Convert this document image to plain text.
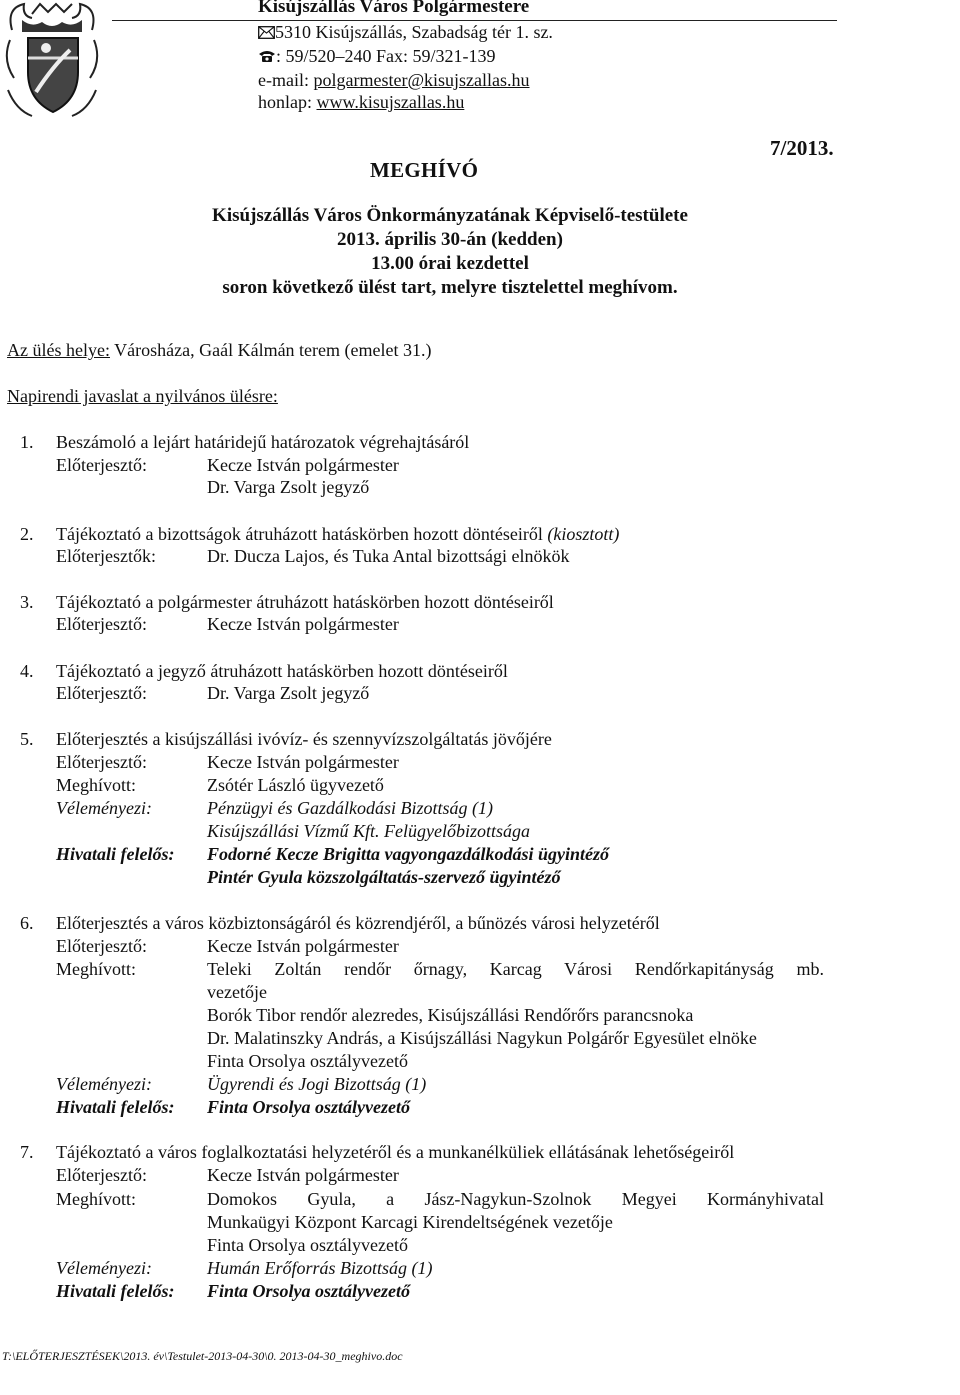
Kisújszállás Város Polgármestere
5310 Kisújszállás, Szabadság tér 1. sz.
: 59/520–240 Fax: 59/321-139
e-mail: polgarmester@kisujszallas.hu
honlap: www.kisujszallas.hu
7/2013.
MEGHÍVÓ
Kisújszállás Város Önkormányzatának Képviselő-testülete
2013. április 30-án (kedden)
13.00 órai kezdettel
soron következő ülést tart, melyre tisztelettel meghívom.
Az ülés helye: Városháza, Gaál Kálmán terem (emelet 31.)
Napirendi javaslat a nyilvános ülésre:
1. Beszámoló a lejárt határidejű határozatok végrehajtásáról
Előterjesztő:	Kecze István polgármester
Dr. Varga Zsolt jegyző
2. Tájékoztató a bizottságok átruházott hatáskörben hozott döntéseiről (kiosztott)
Előterjesztők:	Dr. Ducza Lajos, és Tuka Antal bizottsági elnökök
3. Tájékoztató a polgármester átruházott hatáskörben hozott döntéseiről
Előterjesztő:	Kecze István polgármester
4. Tájékoztató a jegyző átruházott hatáskörben hozott döntéseiről
Előterjesztő:	Dr. Varga Zsolt jegyző
5. Előterjesztés a kisújszállási ivóvíz- és szennyvízszolgáltatás jövőjére
Előterjesztő:	Kecze István polgármester
Meghívott:	Zsótér László ügyvezető
Véleményezi:	Pénzügyi és Gazdálkodási Bizottság (1)
Kisújszállási Vízmű Kft. Felügyelőbizottsága
Hivatali felelős: Fodorné Kecze Brigitta vagyongazdálkodási ügyintéző
Pintér Gyula közszolgáltatás-szervező ügyintéző
6. Előterjesztés a város közbiztonságáról és közrendjéről, a bűnözés városi helyzetéről
Előterjesztő:	Kecze István polgármester
Meghívott:	Teleki Zoltán rendőr őrnagy, Karcag Városi Rendőrkapitányság mb.
vezetője
Borók Tibor rendőr alezredes, Kisújszállási Rendőrőrs parancsnoka
Dr. Malatinszky András, a Kisújszállási Nagykun Polgárőr Egyesület elnöke
Finta Orsolya osztályvezető
Véleményezi:	Ügyrendi és Jogi Bizottság (1)
Hivatali felelős: Finta Orsolya osztályvezető
7. Tájékoztató a város foglalkoztatási helyzetéről és a munkanélküliek ellátásának lehetőségeiről
Előterjesztő:	Kecze István polgármester
Meghívott:	Domokos Gyula, a Jász-Nagykun-Szolnok Megyei Kormányhivatal
Munkaügyi Központ Karcagi Kirendeltségének vezetője
Finta Orsolya osztályvezető
Véleményezi:	Humán Erőforrás Bizottság (1)
Hivatali felelős: Finta Orsolya osztályvezető
T:\ELŐTERJESZTÉSEK\2013. év\Testulet-2013-04-30\0. 2013-04-30_meghivo.doc
